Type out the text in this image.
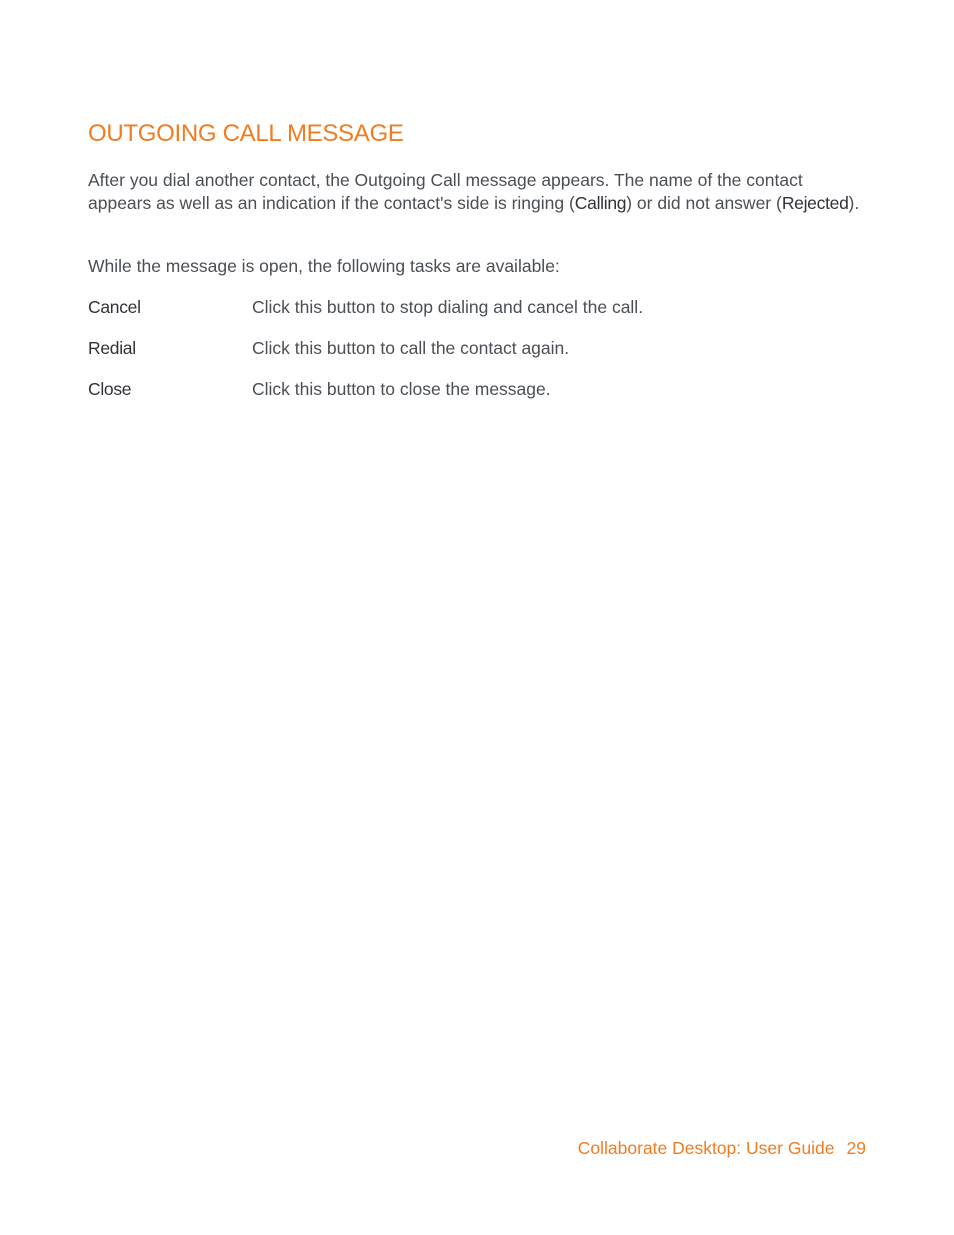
OUTGOING CALL MESSAGE

After you dial another contact, the Outgoing Call message appears. The name of the contact appears as well as an indication if the contact's side is ringing (Calling) or did not answer (Rejected).

While the message is open, the following tasks are available:

Cancel	Click this button to stop dialing and cancel the call.
Redial	Click this button to call the contact again.
Close	Click this button to close the message.
Collaborate Desktop: User Guide 29
